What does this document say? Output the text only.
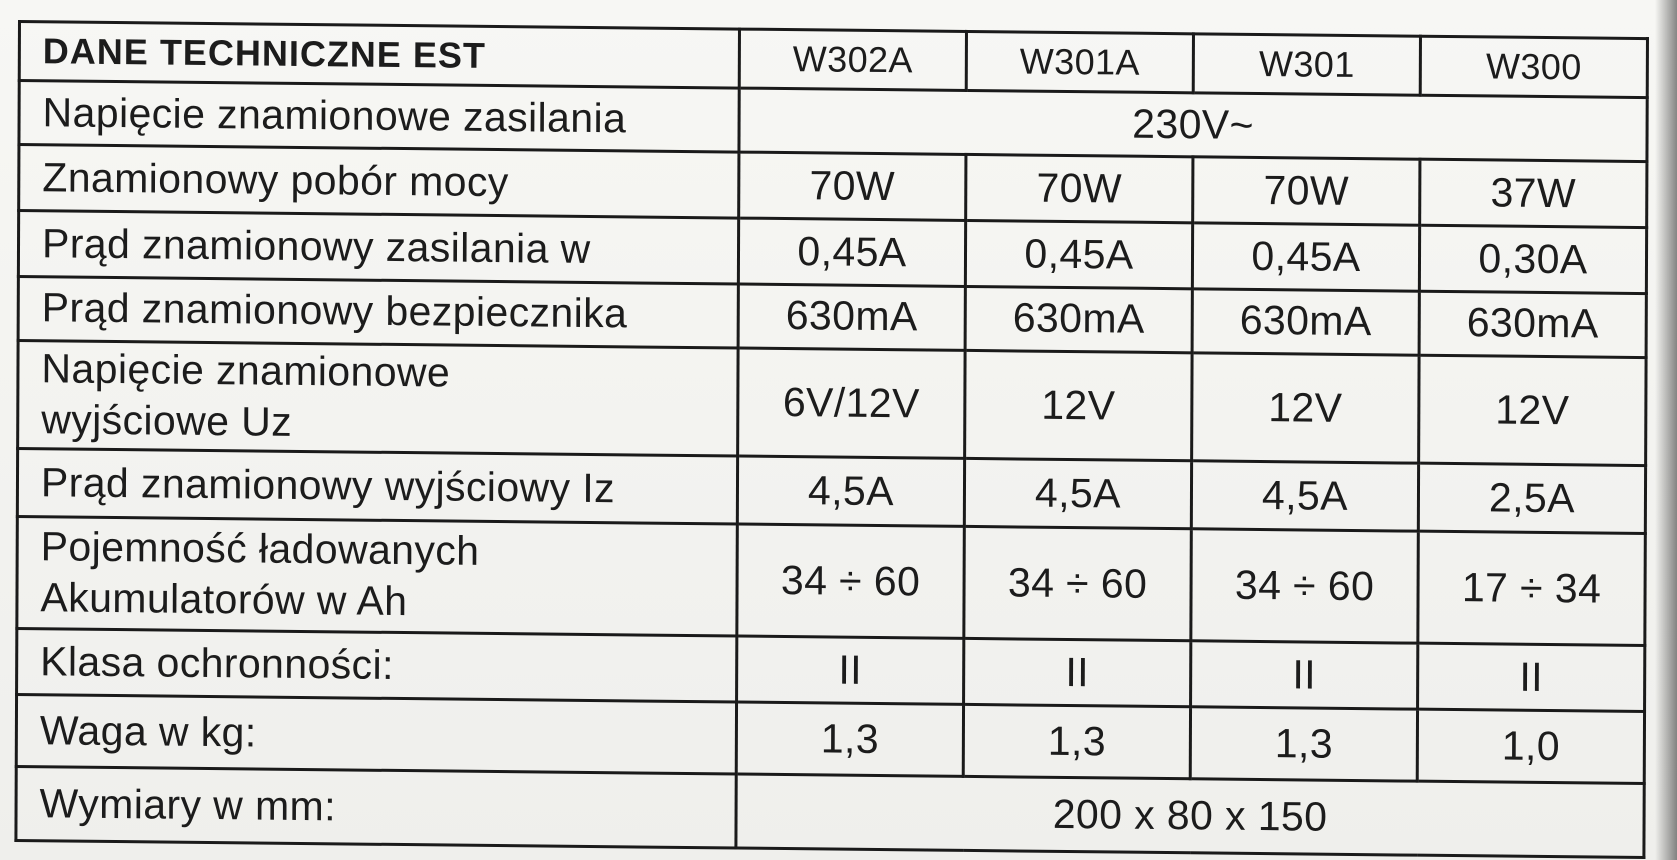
DANE TECHNICZNE EST	W302A	W301A	W301	W300
Napięcie znamionowe zasilania	230V~			
Znamionowy pobór mocy	70W	70W	70W	37W
Prąd znamionowy zasilania w	0,45A	0,45A	0,45A	0,30A
Prąd znamionowy bezpiecznika	630mA	630mA	630mA	630mA
Napięcie znamionowe
wyjściowe Uz	6V/12V	12V	12V	12V
Prąd znamionowy wyjściowy Iz	4,5A	4,5A	4,5A	2,5A
Pojemność ładowanych
Akumulatorów w Ah	34 ÷ 60	34 ÷ 60	34 ÷ 60	17 ÷ 34
Klasa ochronności:	II	II	II	II
Waga w kg:	1,3	1,3	1,3	1,0
Wymiary w mm:	200 x 80 x 150			
